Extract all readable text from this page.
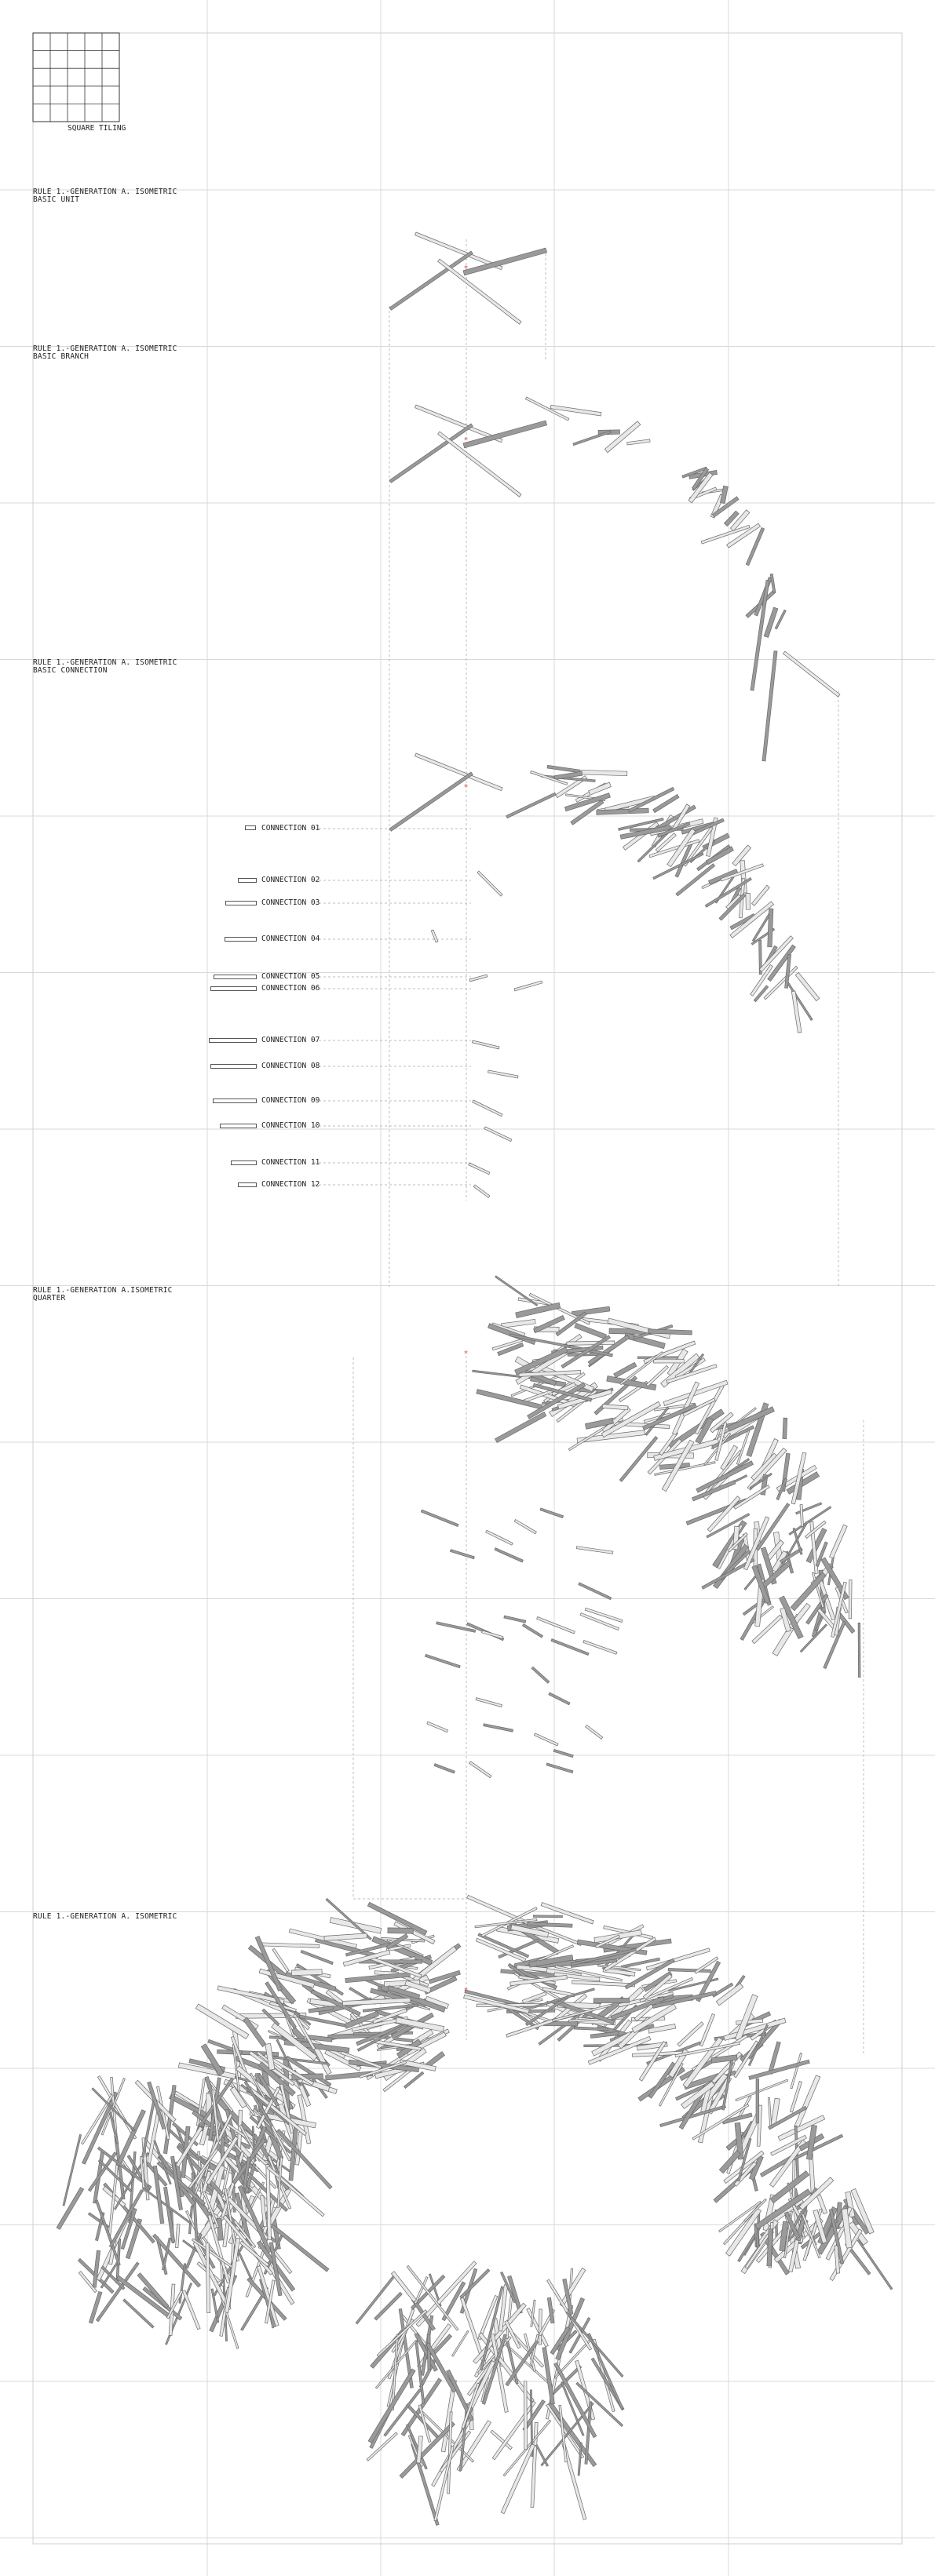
*
*
*
*
*
SQUARE TILING
RULE 1.-GENERATION A. ISOMETRIC
BASIC UNIT
RULE 1.-GENERATION A. ISOMETRIC
BASIC BRANCH
RULE 1.-GENERATION A. ISOMETRIC
BASIC CONNECTION
RULE 1.-GENERATION A.ISOMETRIC
QUARTER
RULE 1.-GENERATION A. ISOMETRIC
CONNECTION 01
CONNECTION 02
CONNECTION 03
CONNECTION 04
CONNECTION 05
CONNECTION 06
CONNECTION 07
CONNECTION 08
CONNECTION 09
CONNECTION 10
CONNECTION 11
CONNECTION 12
